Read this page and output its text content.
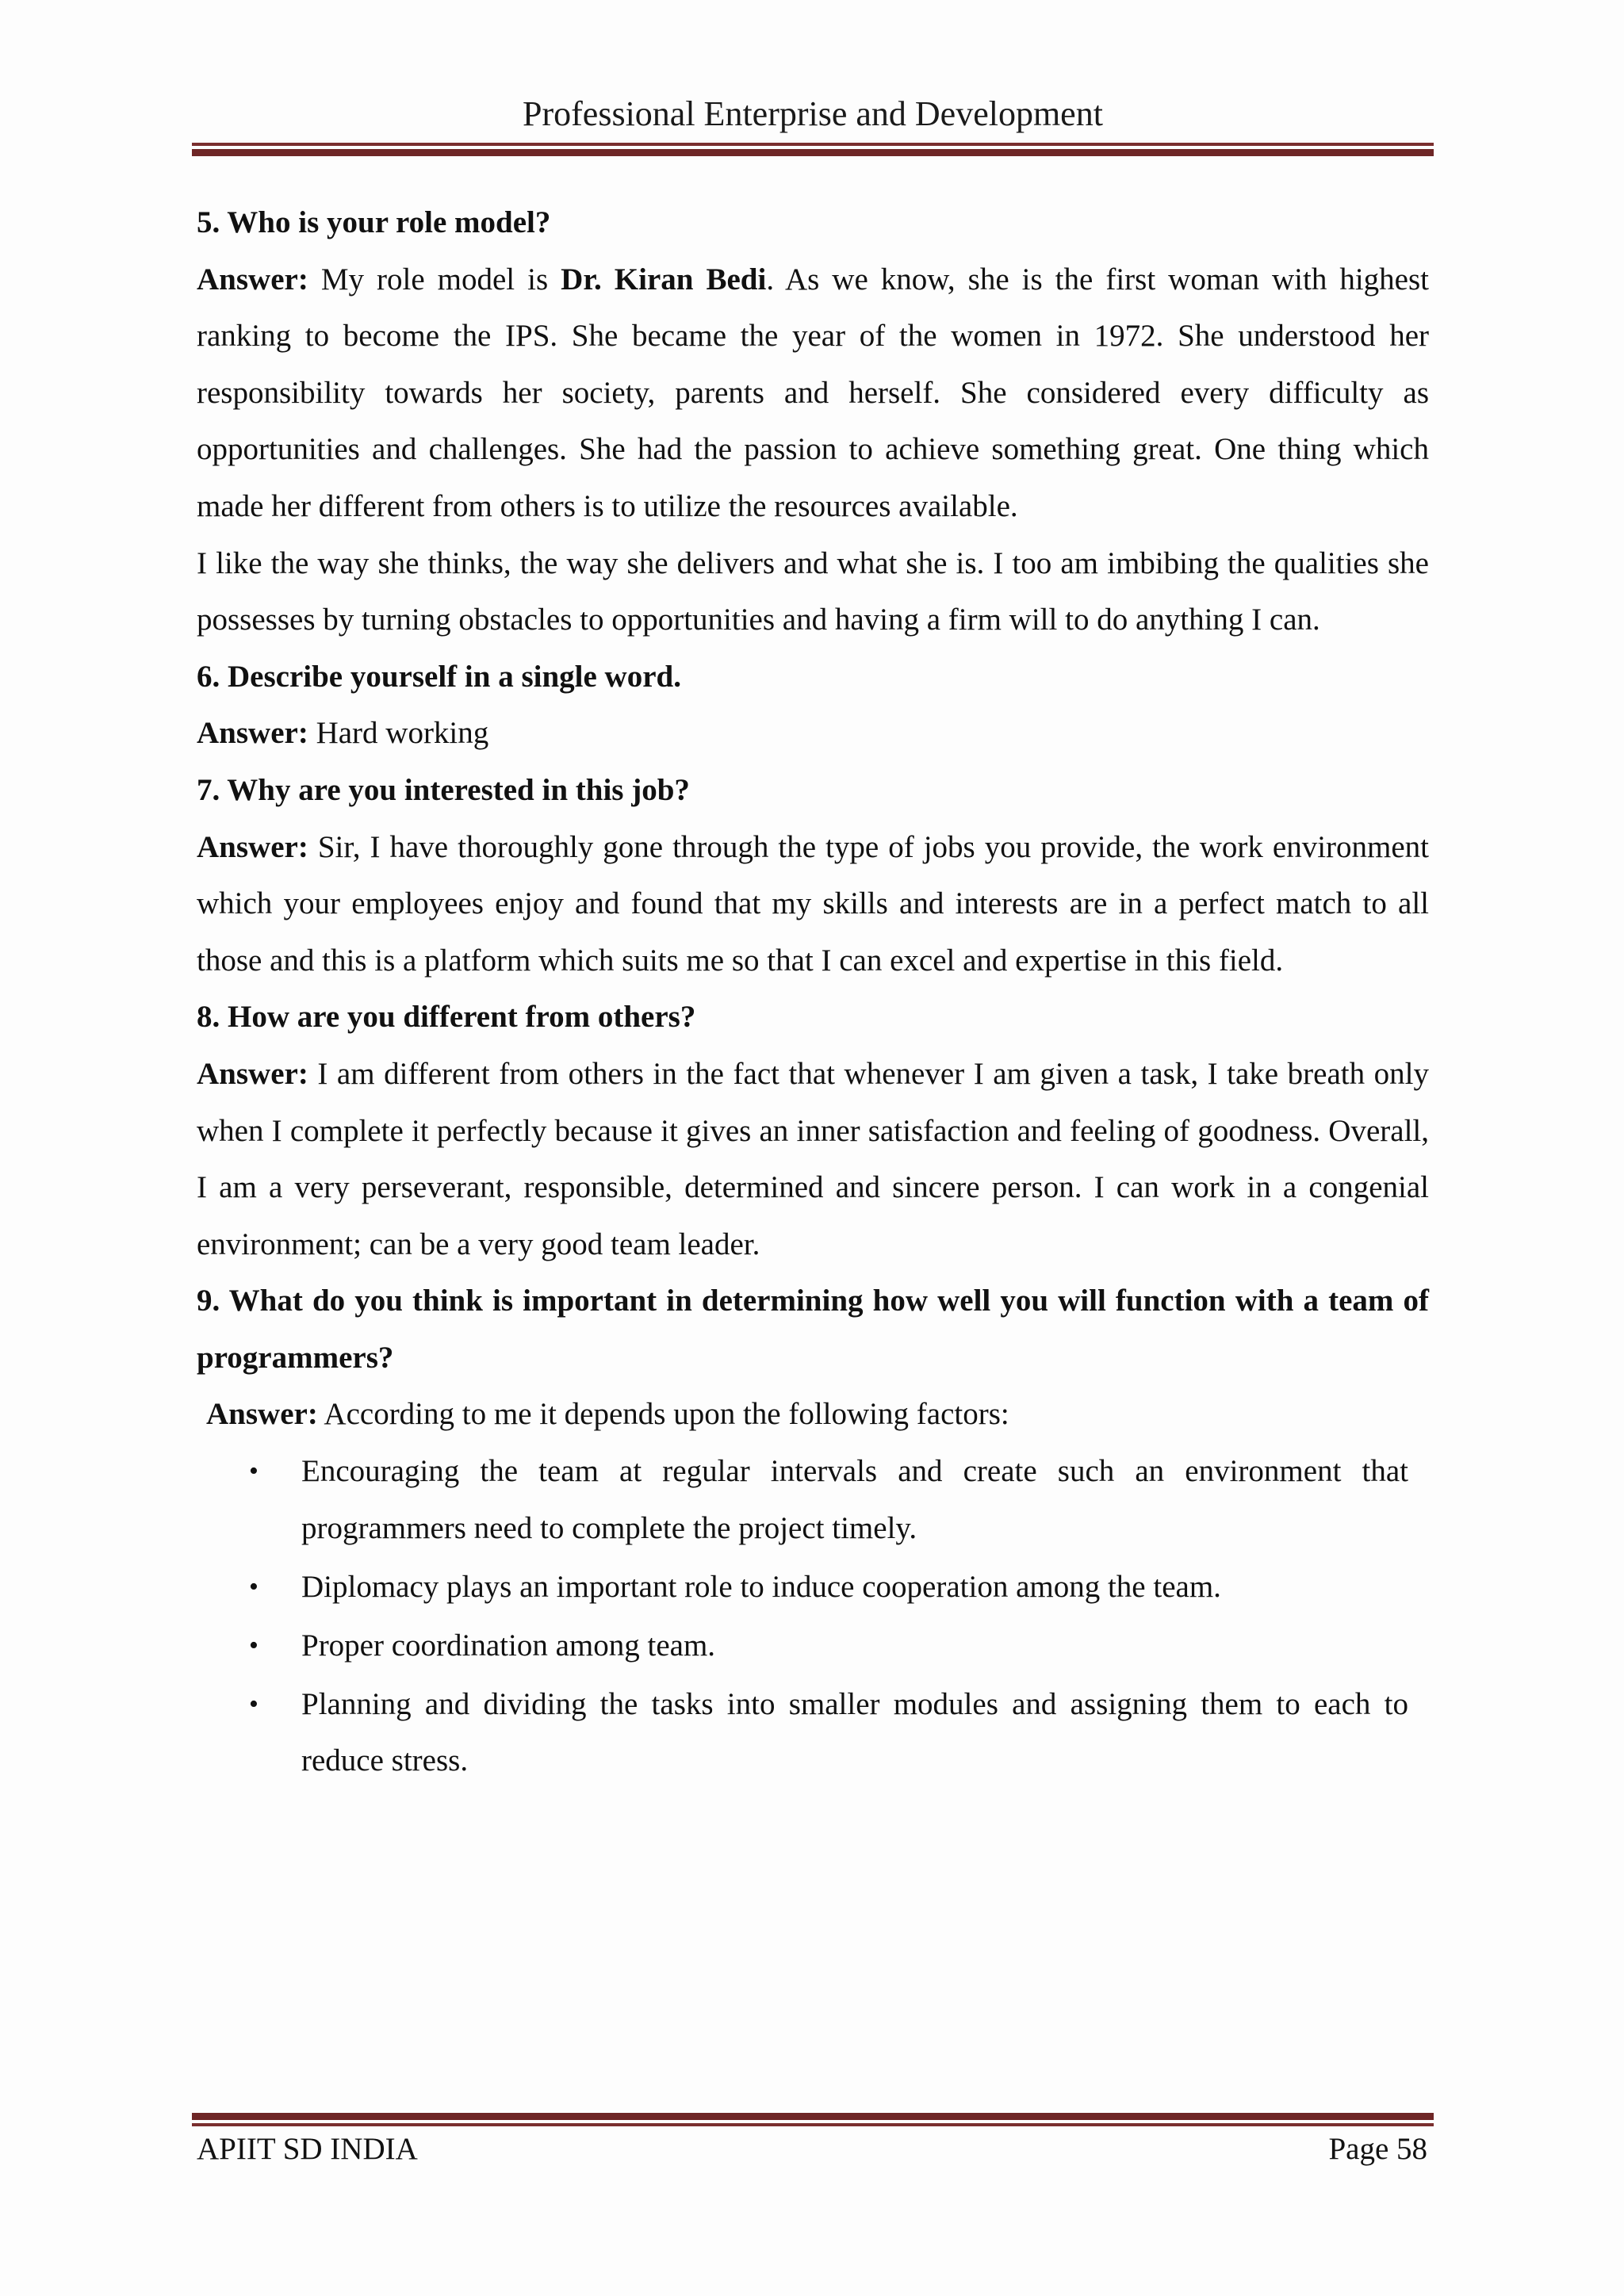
Professional Enterprise and Development

5. Who is your role model?

Answer: My role model is Dr. Kiran Bedi. As we know, she is the first woman with highest ranking to become the IPS. She became the year of the women in 1972. She understood her responsibility towards her society, parents and herself. She considered every difficulty as opportunities and challenges. She had the passion to achieve something great. One thing which made her different from others is to utilize the resources available.

I like the way she thinks, the way she delivers and what she is. I too am imbibing the qualities she possesses by turning obstacles to opportunities and having a firm will to do anything I can.

6. Describe yourself in a single word.

Answer: Hard working

7. Why are you interested in this job?

Answer: Sir, I have thoroughly gone through the type of jobs you provide, the work environment which your employees enjoy and found that my skills and interests are in a perfect match to all those and this is a platform which suits me so that I can excel and expertise in this field.

8. How are you different from others?

Answer: I am different from others in the fact that whenever I am given a task, I take breath only when I complete it perfectly because it gives an inner satisfaction and feeling of goodness. Overall, I am a very perseverant, responsible, determined and sincere person. I can work in a congenial environment; can be a very good team leader.

9. What do you think is important in determining how well you will function with a team of programmers?

Answer: According to me it depends upon the following factors:

• Encouraging the team at regular intervals and create such an environment that programmers need to complete the project timely.
• Diplomacy plays an important role to induce cooperation among the team.
• Proper coordination among team.
• Planning and dividing the tasks into smaller modules and assigning them to each to reduce stress.
APIIT SD INDIA	Page 58
